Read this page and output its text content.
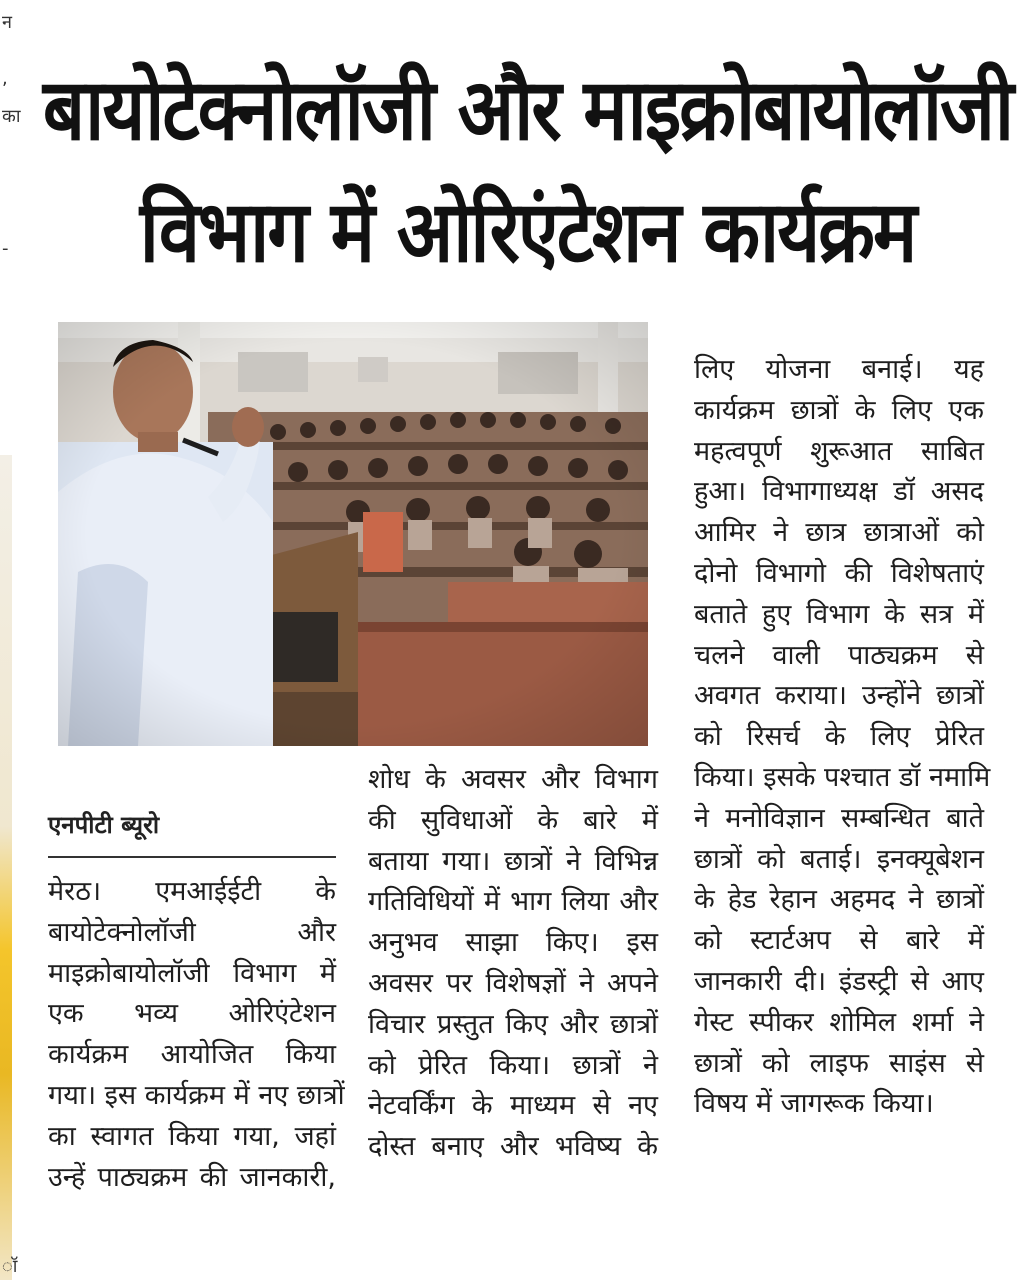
न
,
का
-
ॉ
बायोटेक्नोलॉजी और माइक्रोबायोलॉजी
विभाग में ओरिएंटेशन कार्यक्रम
एनपीटी ब्यूरो

मेरठ। एमआईईटी के

बायोटेक्नोलॉजी और

माइक्रोबायोलॉजी विभाग में

एक भव्य ओरिएंटेशन

कार्यक्रम आयोजित किया

गया। इस कार्यक्रम में नए छात्रों

का स्वागत किया गया, जहां

उन्हें पाठ्यक्रम की जानकारी,

शोध के अवसर और विभाग

की सुविधाओं के बारे में

बताया गया। छात्रों ने विभिन्न

गतिविधियों में भाग लिया और

अनुभव साझा किए। इस

अवसर पर विशेषज्ञों ने अपने

विचार प्रस्तुत किए और छात्रों

को प्रेरित किया। छात्रों ने

नेटवर्किंग के माध्यम से नए

दोस्त बनाए और भविष्य के

लिए योजना बनाई। यह

कार्यक्रम छात्रों के लिए एक

महत्वपूर्ण शुरूआत साबित

हुआ। विभागाध्यक्ष डॉ असद

आमिर ने छात्र छात्राओं को

दोनो विभागो की विशेषताएं

बताते हुए विभाग के सत्र में

चलने वाली पाठ्यक्रम से

अवगत कराया। उन्होंने छात्रों

को रिसर्च के लिए प्रेरित

किया। इसके पश्चात डॉ नमामि

ने मनोविज्ञान सम्बन्धित बाते

छात्रों को बताई। इनक्यूबेशन

के हेड रेहान अहमद ने छात्रों

को स्टार्टअप से बारे में

जानकारी दी। इंडस्ट्री से आए

गेस्ट स्पीकर शोमिल शर्मा ने

छात्रों को लाइफ साइंस से

विषय में जागरूक किया।
